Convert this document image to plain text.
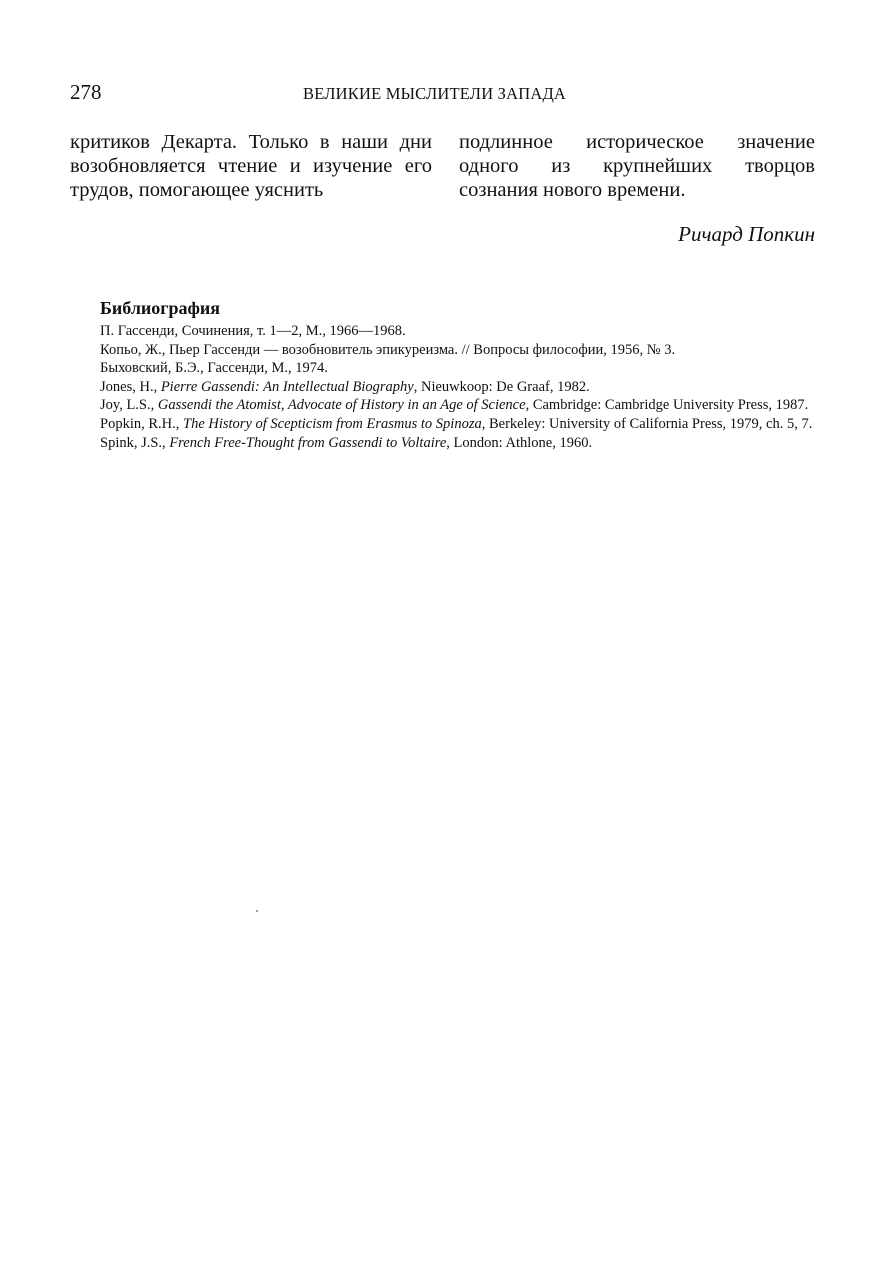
278	ВЕЛИКИЕ МЫСЛИТЕЛИ ЗАПАДА
критиков Декарта. Только в наши дни возобновляется чтение и изучение его трудов, помогающее уяснить
подлинное историческое значение одного из крупнейших творцов сознания нового времени.
Ричард Попкин
Библиография
П. Гассенди, Сочинения, т. 1—2, М., 1966—1968.
Копьо, Ж., Пьер Гассенди — возобновитель эпикуреизма. // Вопросы философии, 1956, № 3.
Быховский, Б.Э., Гассенди, М., 1974.
Jones, H., Pierre Gassendi: An Intellectual Biography, Nieuwkoop: De Graaf, 1982.
Joy, L.S., Gassendi the Atomist, Advocate of History in an Age of Science, Cambridge: Cambridge University Press, 1987.
Popkin, R.H., The History of Scepticism from Erasmus to Spinoza, Berkeley: University of California Press, 1979, ch. 5, 7.
Spink, J.S., French Free-Thought from Gassendi to Voltaire, London: Athlone, 1960.
